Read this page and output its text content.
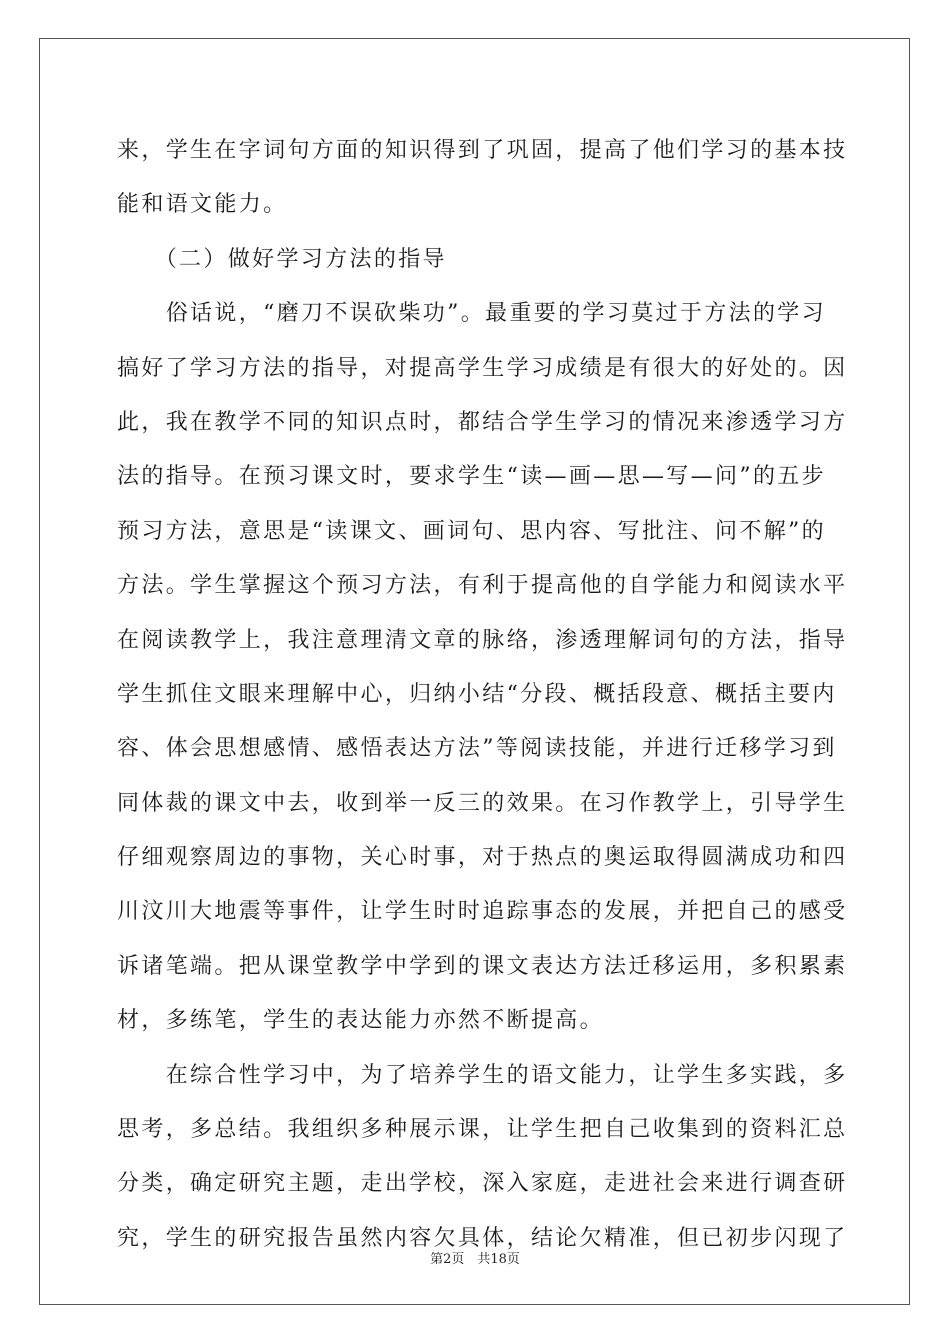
来，学生在字词句方面的知识得到了巩固，提高了他们学习的基本技
能和语文能力。
　　（二）做好学习方法的指导
　　俗话说，“磨刀不误砍柴功”。最重要的学习莫过于方法的学习
搞好了学习方法的指导，对提高学生学习成绩是有很大的好处的。因
此，我在教学不同的知识点时，都结合学生学习的情况来渗透学习方
法的指导。在预习课文时，要求学生“读—画—思—写—问”的五步
预习方法，意思是“读课文、画词句、思内容、写批注、问不解”的
方法。学生掌握这个预习方法，有利于提高他的自学能力和阅读水平
在阅读教学上，我注意理清文章的脉络，渗透理解词句的方法，指导
学生抓住文眼来理解中心，归纳小结“分段、概括段意、概括主要内
容、体会思想感情、感悟表达方法”等阅读技能，并进行迁移学习到
同体裁的课文中去，收到举一反三的效果。在习作教学上，引导学生
仔细观察周边的事物，关心时事，对于热点的奥运取得圆满成功和四
川汶川大地震等事件，让学生时时追踪事态的发展，并把自己的感受
诉诸笔端。把从课堂教学中学到的课文表达方法迁移运用，多积累素
材，多练笔，学生的表达能力亦然不断提高。
　　在综合性学习中，为了培养学生的语文能力，让学生多实践，多
思考，多总结。我组织多种展示课，让学生把自己收集到的资料汇总
分类，确定研究主题，走出学校，深入家庭，走进社会来进行调查研
究，学生的研究报告虽然内容欠具体，结论欠精准，但已初步闪现了
第2页　共18页
